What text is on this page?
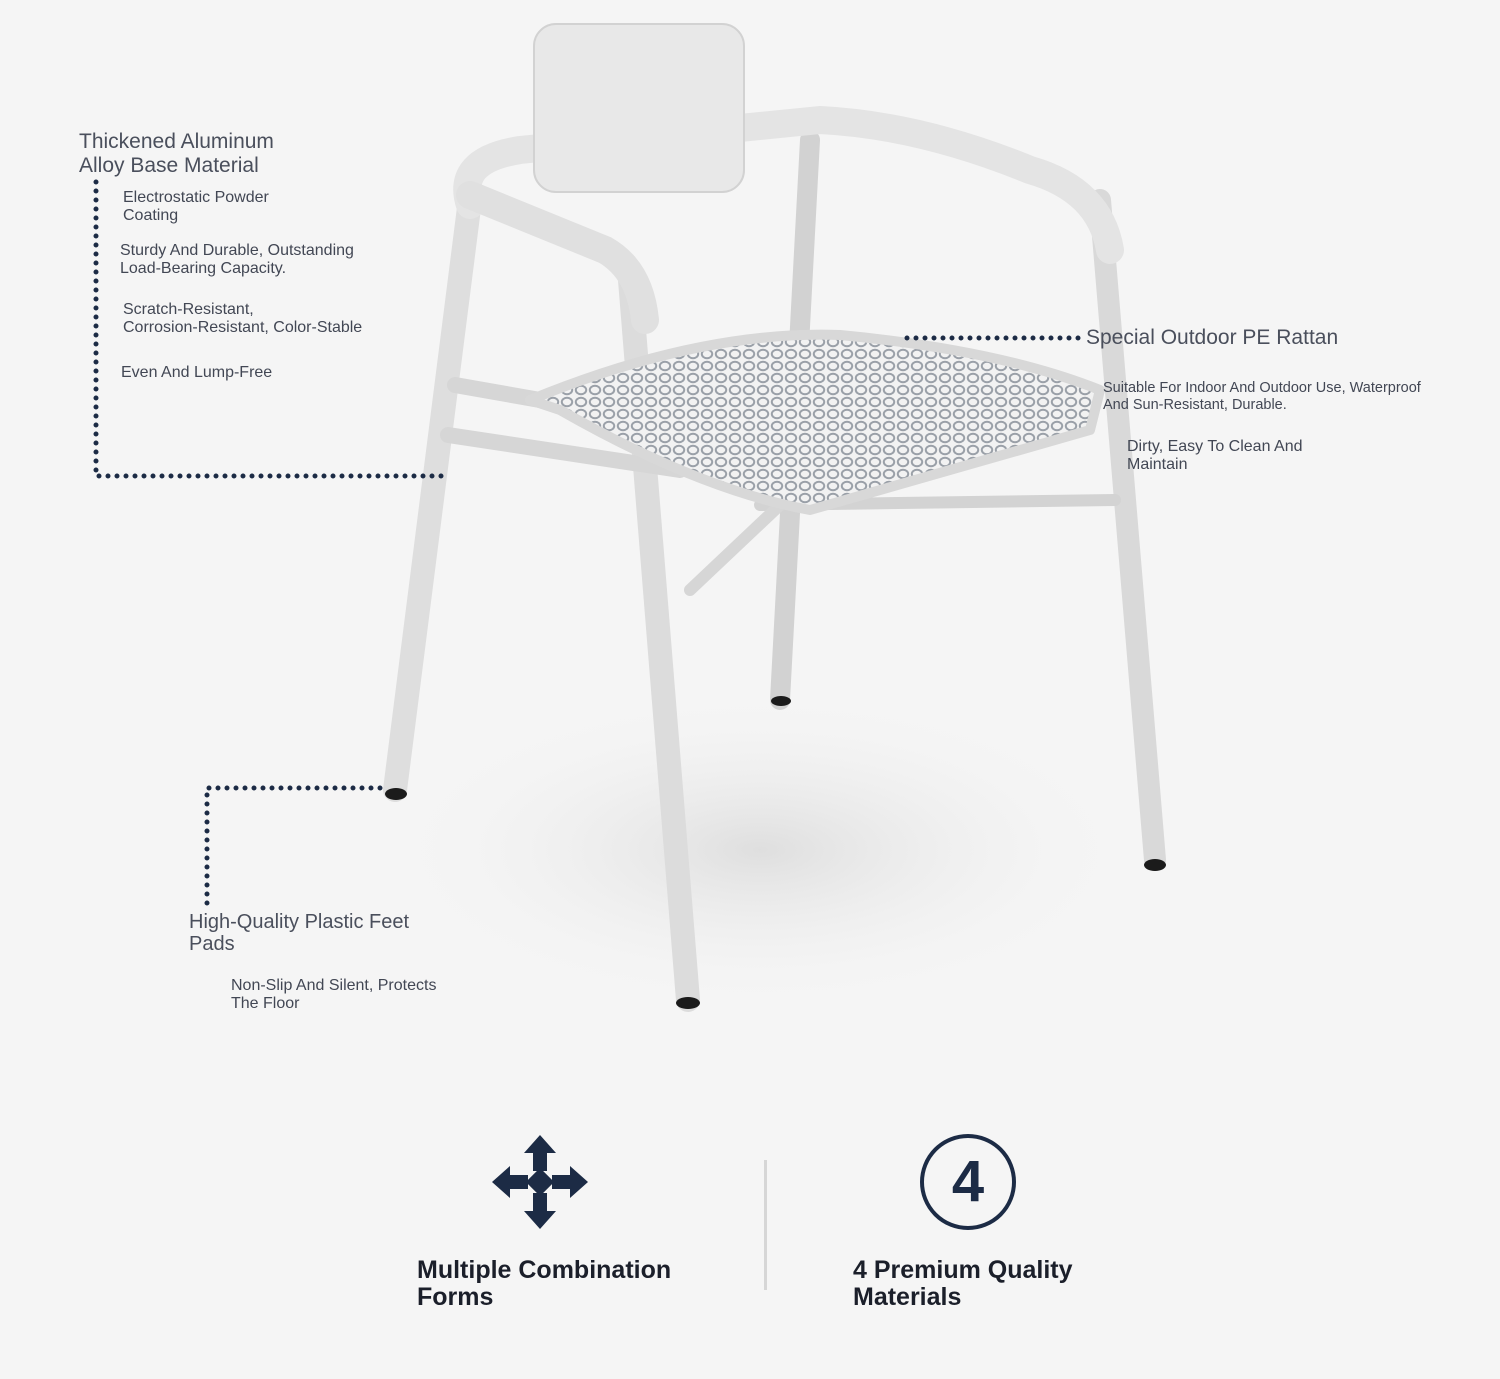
Thickened Aluminum
Alloy Base Material
Electrostatic Powder
Coating
Sturdy And Durable, Outstanding
Load-Bearing Capacity.
Scratch-Resistant,
Corrosion-Resistant, Color-Stable
Even And Lump-Free
Special Outdoor PE Rattan
Suitable For Indoor And Outdoor Use, Waterproof
And Sun-Resistant, Durable.
Dirty, Easy To Clean And
Maintain
High-Quality Plastic Feet
Pads
Non-Slip And Silent, Protects
The Floor
Multiple Combination
Forms
4
4 Premium Quality
Materials
